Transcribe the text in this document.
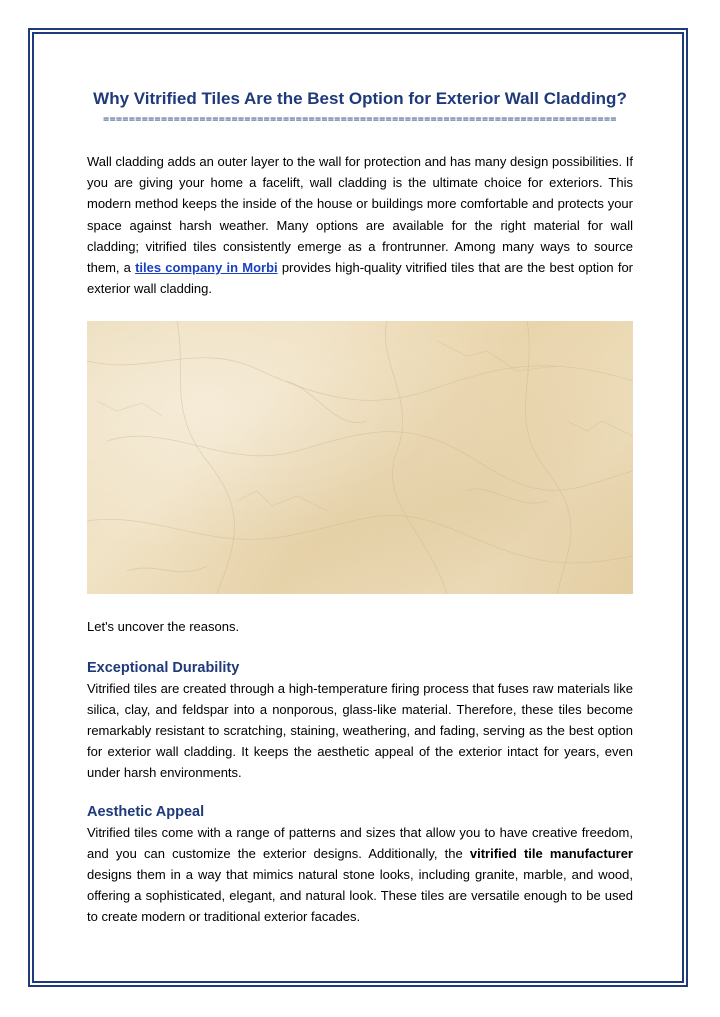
Why Vitrified Tiles Are the Best Option for Exterior Wall Cladding?
================================================================================

Wall cladding adds an outer layer to the wall for protection and has many design possibilities. If you are giving your home a facelift, wall cladding is the ultimate choice for exteriors. This modern method keeps the inside of the house or buildings more comfortable and protects your space against harsh weather. Many options are available for the right material for wall cladding; vitrified tiles consistently emerge as a frontrunner. Among many ways to source them, a tiles company in Morbi provides high-quality vitrified tiles that are the best option for exterior wall cladding.

Let's uncover the reasons.

Exceptional Durability

Vitrified tiles are created through a high-temperature firing process that fuses raw materials like silica, clay, and feldspar into a nonporous, glass-like material. Therefore, these tiles become remarkably resistant to scratching, staining, weathering, and fading, serving as the best option for exterior wall cladding. It keeps the aesthetic appeal of the exterior intact for years, even under harsh environments.

Aesthetic Appeal

Vitrified tiles come with a range of patterns and sizes that allow you to have creative freedom, and you can customize the exterior designs. Additionally, the vitrified tile manufacturer designs them in a way that mimics natural stone looks, including granite, marble, and wood, offering a sophisticated, elegant, and natural look. These tiles are versatile enough to be used to create modern or traditional exterior facades.
